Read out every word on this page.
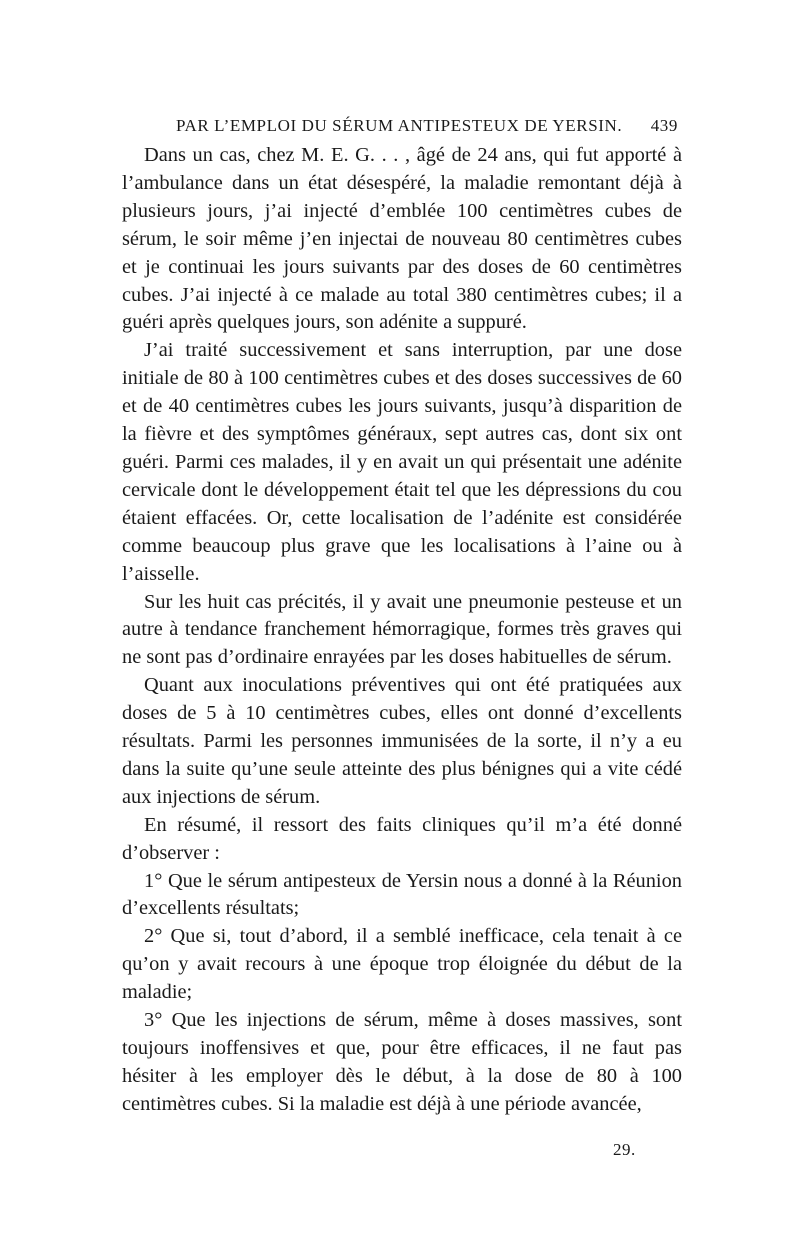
PAR L’EMPLOI DU SÉRUM ANTIPESTEUX DE YERSIN. 439

Dans un cas, chez M. E. G. . . , âgé de 24 ans, qui fut apporté à l’ambulance dans un état désespéré, la maladie remontant déjà à plusieurs jours, j’ai injecté d’emblée 100 centimètres cubes de sérum, le soir même j’en injectai de nouveau 80 centimètres cubes et je continuai les jours suivants par des doses de 60 centimètres cubes. J’ai injecté à ce malade au total 380 centimètres cubes; il a guéri après quelques jours, son adénite a suppuré.

J’ai traité successivement et sans interruption, par une dose initiale de 80 à 100 centimètres cubes et des doses successives de 60 et de 40 centimètres cubes les jours suivants, jusqu’à disparition de la fièvre et des symptômes généraux, sept autres cas, dont six ont guéri. Parmi ces malades, il y en avait un qui présentait une adénite cervicale dont le développement était tel que les dépressions du cou étaient effacées. Or, cette localisation de l’adénite est considérée comme beaucoup plus grave que les localisations à l’aine ou à l’aisselle.

Sur les huit cas précités, il y avait une pneumonie pesteuse et un autre à tendance franchement hémorragique, formes très graves qui ne sont pas d’ordinaire enrayées par les doses habituelles de sérum.

Quant aux inoculations préventives qui ont été pratiquées aux doses de 5 à 10 centimètres cubes, elles ont donné d’excellents résultats. Parmi les personnes immunisées de la sorte, il n’y a eu dans la suite qu’une seule atteinte des plus bénignes qui a vite cédé aux injections de sérum.

En résumé, il ressort des faits cliniques qu’il m’a été donné d’observer :

1° Que le sérum antipesteux de Yersin nous a donné à la Réunion d’excellents résultats;

2° Que si, tout d’abord, il a semblé inefficace, cela tenait à ce qu’on y avait recours à une époque trop éloignée du début de la maladie;

3° Que les injections de sérum, même à doses massives, sont toujours inoffensives et que, pour être efficaces, il ne faut pas hésiter à les employer dès le début, à la dose de 80 à 100 centimètres cubes. Si la maladie est déjà à une période avancée,

29.
